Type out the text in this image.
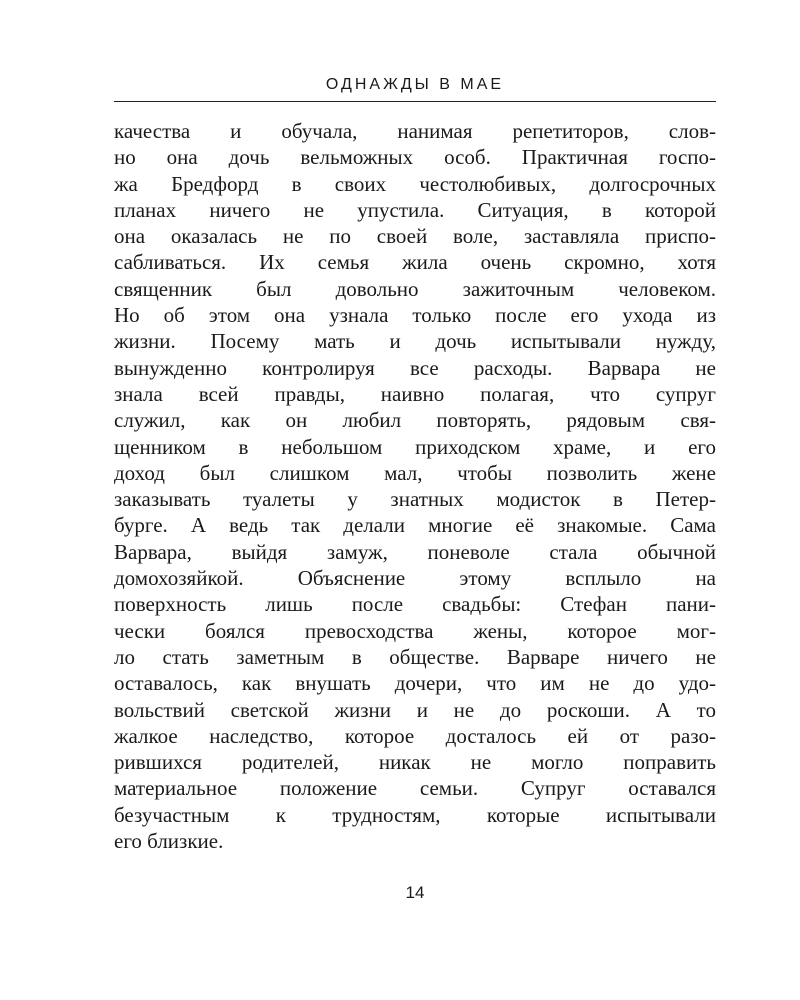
ОДНАЖДЫ В МАЕ
качества и обучала, нанимая репетиторов, слов-
но она дочь вельможных особ. Практичная госпо-
жа Бредфорд в своих честолюбивых, долгосрочных
планах ничего не упустила. Ситуация, в которой
она оказалась не по своей воле, заставляла приспо-
сабливаться. Их семья жила очень скромно, хотя
священник был довольно зажиточным человеком.
Но об этом она узнала только после его ухода из
жизни. Посему мать и дочь испытывали нужду,
вынужденно контролируя все расходы. Варвара не
знала всей правды, наивно полагая, что супруг
служил, как он любил повторять, рядовым свя-
щенником в небольшом приходском храме, и его
доход был слишком мал, чтобы позволить жене
заказывать туалеты у знатных модисток в Петер-
бурге. А ведь так делали многие её знакомые. Сама
Варвара, выйдя замуж, поневоле стала обычной
домохозяйкой. Объяснение этому всплыло на
поверхность лишь после свадьбы: Стефан пани-
чески боялся превосходства жены, которое мог-
ло стать заметным в обществе. Варваре ничего не
оставалось, как внушать дочери, что им не до удо-
вольствий светской жизни и не до роскоши. А то
жалкое наследство, которое досталось ей от разо-
рившихся родителей, никак не могло поправить
материальное положение семьи. Супруг оставался
безучастным к трудностям, которые испытывали
его близкие.
14
